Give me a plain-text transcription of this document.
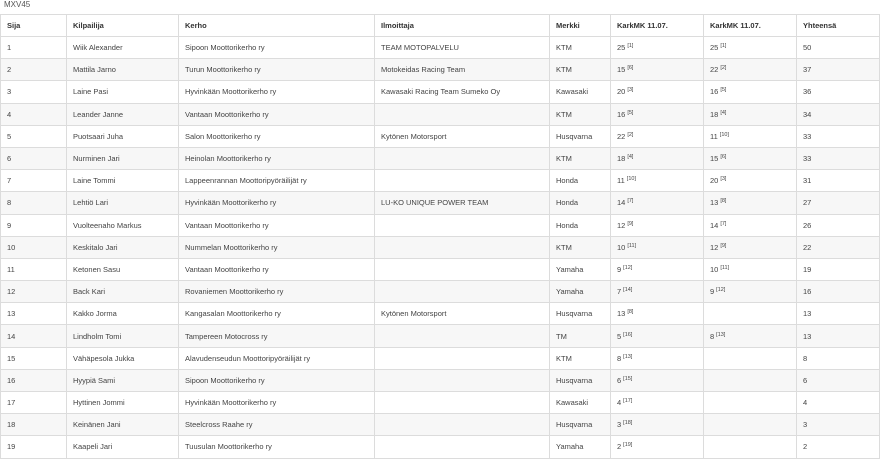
MXV45
Sija	Kilpailija	Kerho	Ilmoittaja	Merkki	KarkMK 11.07.	KarkMK 11.07.	Yhteensä
1	Wiik Alexander	Sipoon Moottorikerho ry	TEAM MOTOPALVELU	KTM	25 [1]	25 [1]	50
2	Mattila Jarno	Turun Moottorikerho ry	Motokeidas Racing Team	KTM	15 [6]	22 [2]	37
3	Laine Pasi	Hyvinkään Moottorikerho ry	Kawasaki Racing Team Sumeko Oy	Kawasaki	20 [3]	16 [5]	36
4	Leander Janne	Vantaan Moottorikerho ry		KTM	16 [5]	18 [4]	34
5	Puotsaari Juha	Salon Moottorikerho ry	Kytönen Motorsport	Husqvarna	22 [2]	11 [10]	33
6	Nurminen Jari	Heinolan Moottorikerho ry		KTM	18 [4]	15 [6]	33
7	Laine Tommi	Lappeenrannan Moottoripyöräilijät ry		Honda	11 [10]	20 [3]	31
8	Lehtiö Lari	Hyvinkään Moottorikerho ry	LU-KO UNIQUE POWER TEAM	Honda	14 [7]	13 [8]	27
9	Vuolteenaho Markus	Vantaan Moottorikerho ry		Honda	12 [9]	14 [7]	26
10	Keskitalo Jari	Nummelan Moottorikerho ry		KTM	10 [11]	12 [9]	22
11	Ketonen Sasu	Vantaan Moottorikerho ry		Yamaha	9 [12]	10 [11]	19
12	Back Kari	Rovaniemen Moottorikerho ry		Yamaha	7 [14]	9 [12]	16
13	Kakko Jorma	Kangasalan Moottorikerho ry	Kytönen Motorsport	Husqvarna	13 [8]		13
14	Lindholm Tomi	Tampereen Motocross ry		TM	5 [16]	8 [13]	13
15	Vähäpesola Jukka	Alavudenseudun Moottoripyöräilijät ry		KTM	8 [13]		8
16	Hyypiä Sami	Sipoon Moottorikerho ry		Husqvarna	6 [15]		6
17	Hyttinen Jommi	Hyvinkään Moottorikerho ry		Kawasaki	4 [17]		4
18	Keinänen Jani	Steelcross Raahe ry		Husqvarna	3 [18]		3
19	Kaapeli Jari	Tuusulan Moottorikerho ry		Yamaha	2 [19]		2
